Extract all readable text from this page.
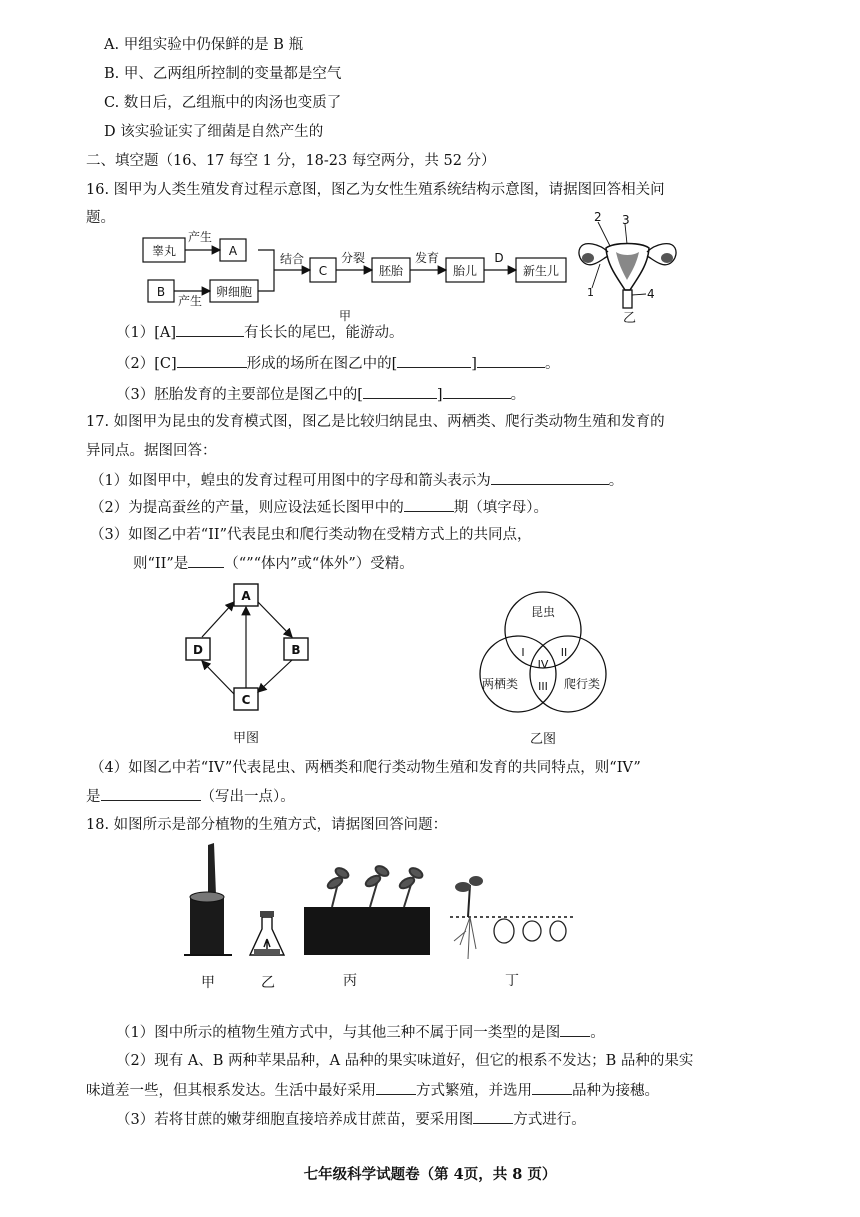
A. 甲组实验中仍保鲜的是 B 瓶
B. 甲、乙两组所控制的变量都是空气
C. 数日后，乙组瓶中的肉汤也变质了
D 该实验证实了细菌是自然产生的
二、填空题（16、17 每空 1 分，18-23 每空两分，共 52 分）
16. 图甲为人类生殖发育过程示意图，图乙为女性生殖系统结构示意图，请据图回答相关问
题。
睾丸
产生
A
B
产生
卵细胞
结合
C
分裂
胚胎
发育
胎儿
D
新生儿
甲
2 3
1	4
乙
（1）[A]	有长长的尾巴，能游动。
（2）[C]	形成的场所在图乙中的[	]	。
（3）胚胎发育的主要部位是图乙中的[	]	。
17. 如图甲为昆虫的发育模式图，图乙是比较归纳昆虫、两栖类、爬行类动物生殖和发育的
异同点。据图回答：
（1）如图甲中，蝗虫的发育过程可用图中的字母和箭头表示为	。
（2）为提高蚕丝的产量，则应设法延长图甲中的	期（填字母）。
（3）如图乙中若“II”代表昆虫和爬行类动物在受精方式上的共同点，
则“II”是 （“”“体内”或“体外”）受精。
A
B
C
D
甲图
昆虫
两栖类	爬行类
I	II
IV
III
乙图
（4）如图乙中若“IV”代表昆虫、两栖类和爬行类动物生殖和发育的共同特点，则“IV”
是	（写出一点）。
18. 如图所示是部分植物的生殖方式，请据图回答问题：
甲	乙	丙	丁
（1）图中所示的植物生殖方式中，与其他三种不属于同一类型的是图 。
（2）现有 A、B 两种苹果品种，A 品种的果实味道好，但它的根系不发达；B 品种的果实
味道差一些，但其根系发达。生活中最好采用	方式繁殖，并选用	品种为接穗。
（3）若将甘蔗的嫩芽细胞直接培养成甘蔗苗，要采用图	方式进行。
七年级科学试题卷（第 4页，共 8 页）
